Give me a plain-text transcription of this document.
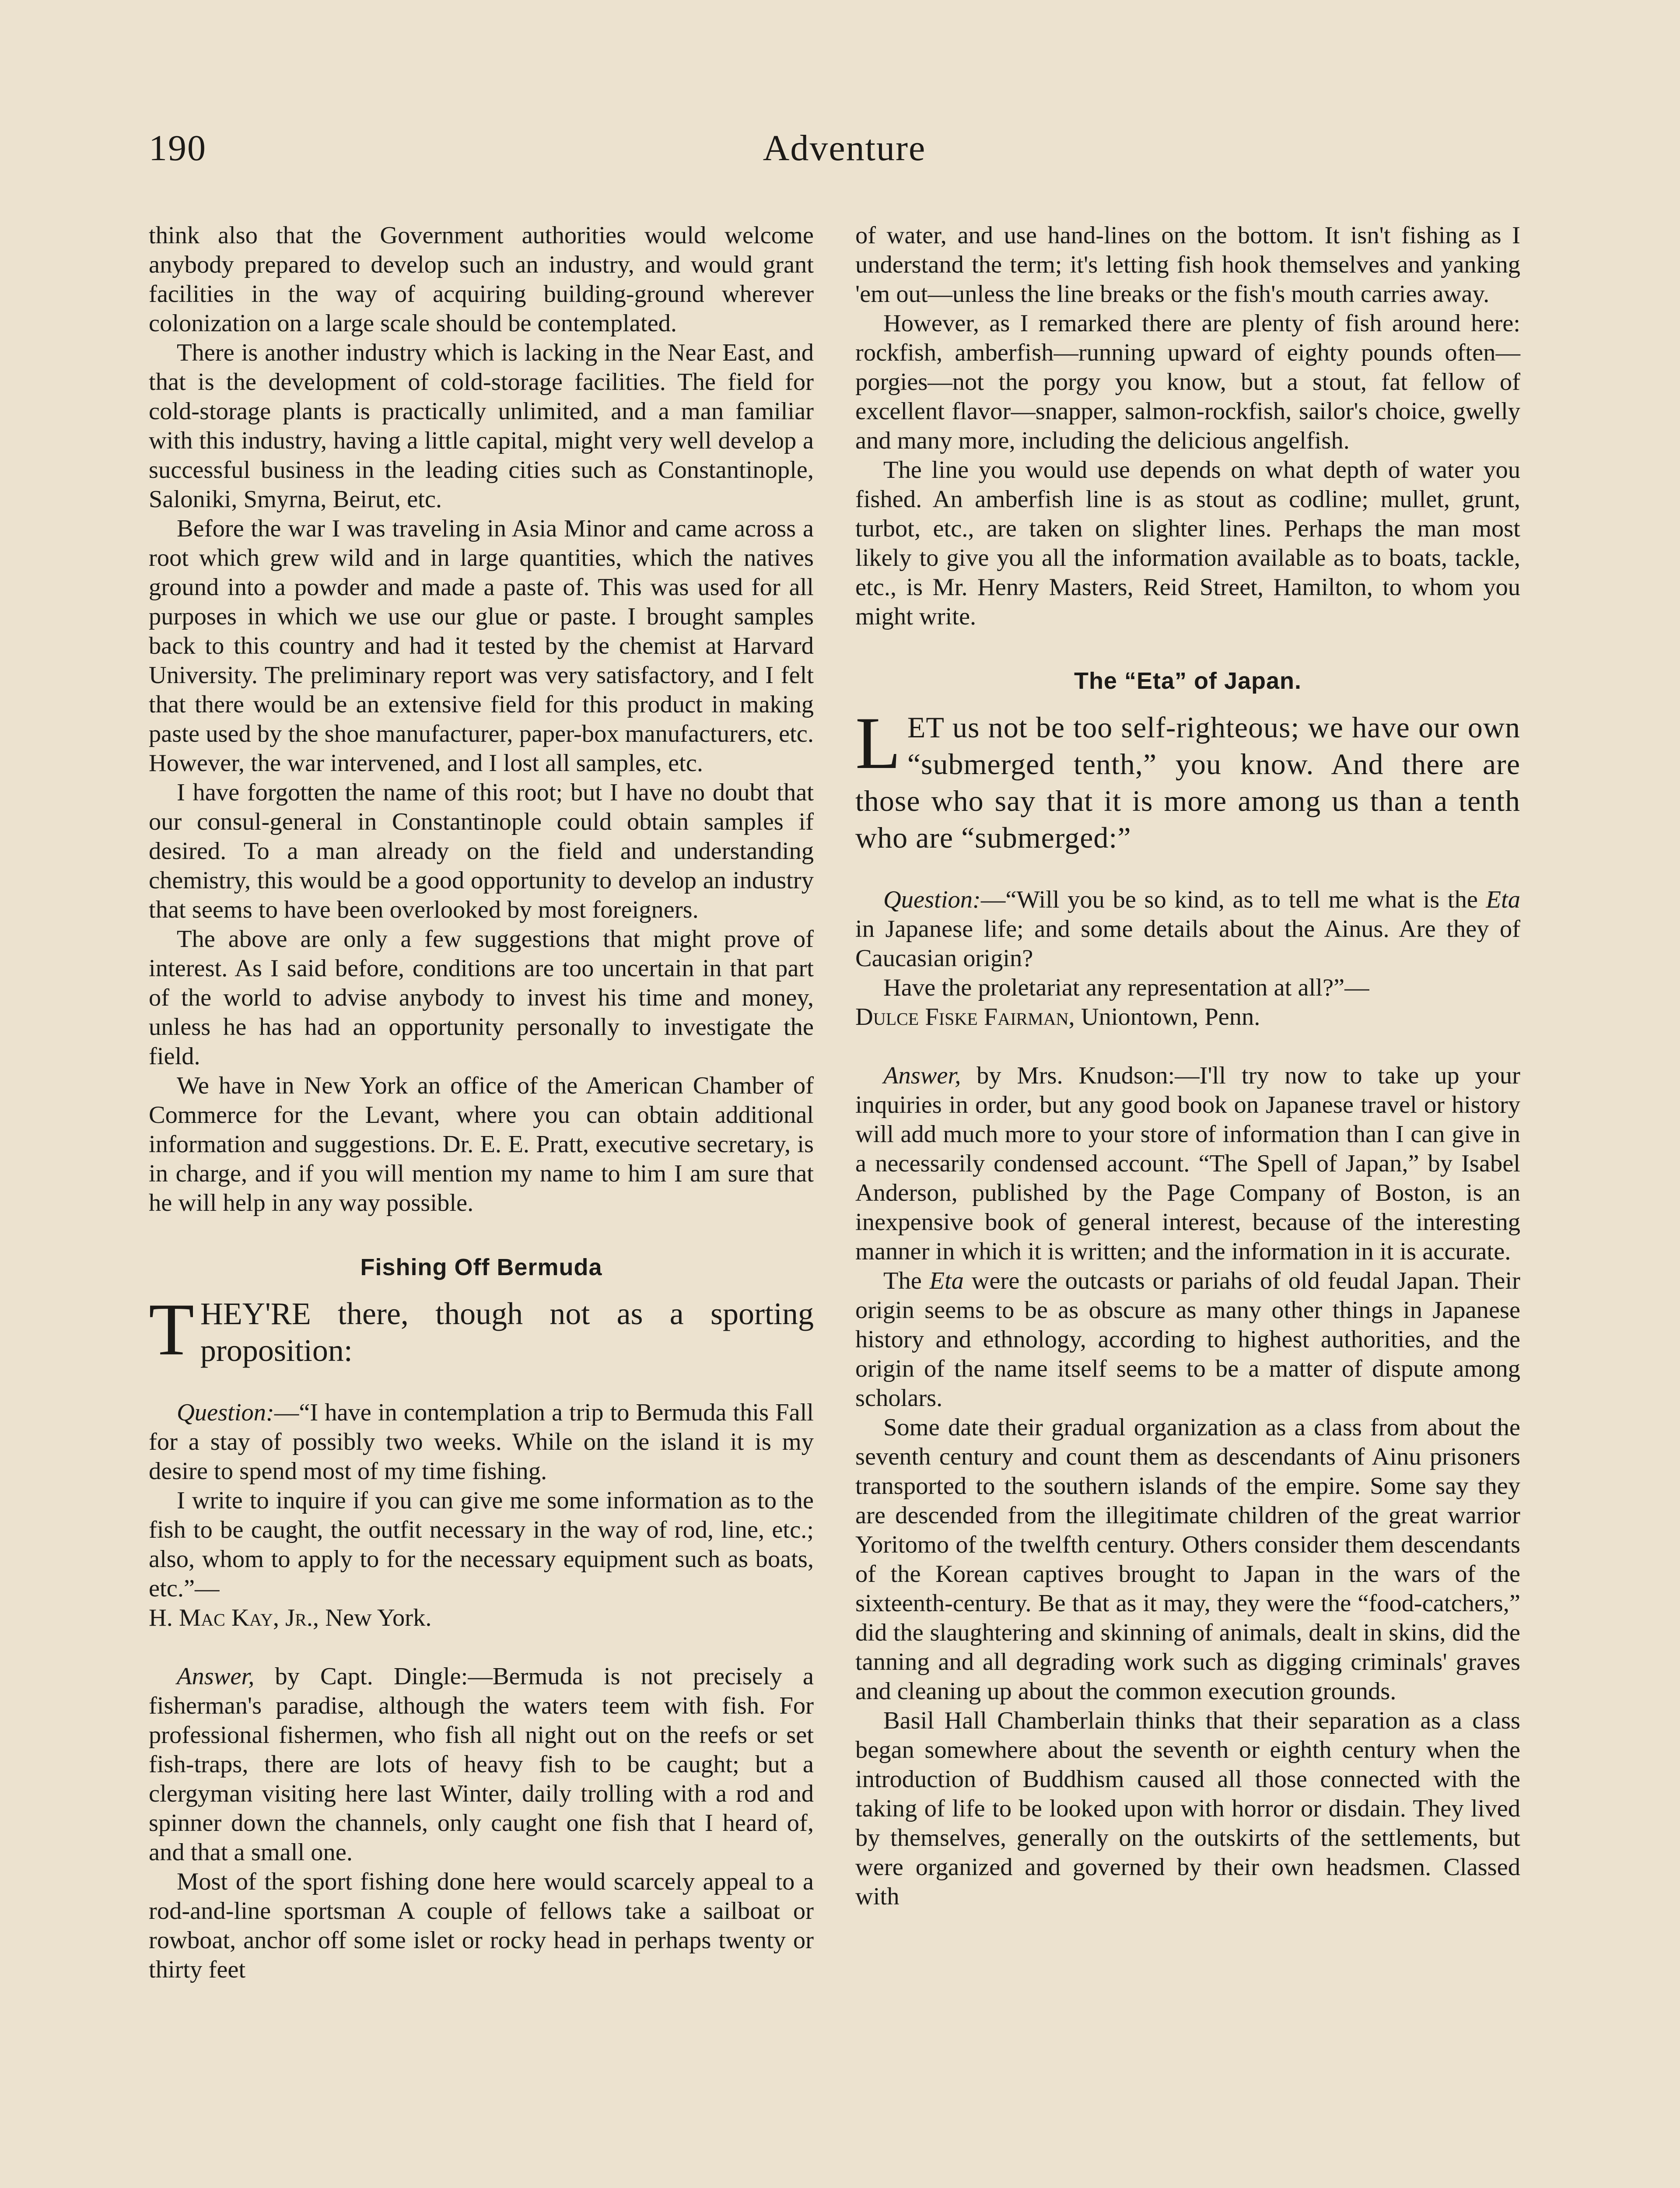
190	Adventure

think also that the Government authorities would welcome anybody prepared to develop such an industry, and would grant facilities in the way of acquiring building-ground wherever colonization on a large scale should be contemplated.

There is another industry which is lacking in the Near East, and that is the development of cold-storage facilities. The field for cold-storage plants is practically unlimited, and a man familiar with this industry, having a little capital, might very well develop a successful business in the leading cities such as Constantinople, Saloniki, Smyrna, Beirut, etc.

Before the war I was traveling in Asia Minor and came across a root which grew wild and in large quantities, which the natives ground into a powder and made a paste of. This was used for all purposes in which we use our glue or paste. I brought samples back to this country and had it tested by the chemist at Harvard University. The preliminary report was very satisfactory, and I felt that there would be an extensive field for this product in making paste used by the shoe manufacturer, paper-box manufacturers, etc. However, the war intervened, and I lost all samples, etc.

I have forgotten the name of this root; but I have no doubt that our consul-general in Constantinople could obtain samples if desired. To a man already on the field and understanding chemistry, this would be a good opportunity to develop an industry that seems to have been overlooked by most foreigners.

The above are only a few suggestions that might prove of interest. As I said before, conditions are too uncertain in that part of the world to advise anybody to invest his time and money, unless he has had an opportunity personally to investigate the field.

We have in New York an office of the American Chamber of Commerce for the Levant, where you can obtain additional information and suggestions. Dr. E. E. Pratt, executive secretary, is in charge, and if you will mention my name to him I am sure that he will help in any way possible.

Fishing Off Bermuda

THEY'RE there, though not as a sporting proposition:

Question:—“I have in contemplation a trip to Bermuda this Fall for a stay of possibly two weeks. While on the island it is my desire to spend most of my time fishing.

I write to inquire if you can give me some information as to the fish to be caught, the outfit necessary in the way of rod, line, etc.; also, whom to apply to for the necessary equipment such as boats, etc.”—
H. Mac Kay, Jr., New York.

Answer, by Capt. Dingle:—Bermuda is not precisely a fisherman's paradise, although the waters teem with fish. For professional fishermen, who fish all night out on the reefs or set fish-traps, there are lots of heavy fish to be caught; but a clergyman visiting here last Winter, daily trolling with a rod and spinner down the channels, only caught one fish that I heard of, and that a small one.

Most of the sport fishing done here would scarcely appeal to a rod-and-line sportsman A couple of fellows take a sailboat or rowboat, anchor off some islet or rocky head in perhaps twenty or thirty feet

of water, and use hand-lines on the bottom. It isn't fishing as I understand the term; it's letting fish hook themselves and yanking 'em out—unless the line breaks or the fish's mouth carries away.

However, as I remarked there are plenty of fish around here: rockfish, amberfish—running upward of eighty pounds often—porgies—not the porgy you know, but a stout, fat fellow of excellent flavor—snapper, salmon-rockfish, sailor's choice, gwelly and many more, including the delicious angelfish.

The line you would use depends on what depth of water you fished. An amberfish line is as stout as codline; mullet, grunt, turbot, etc., are taken on slighter lines. Perhaps the man most likely to give you all the information available as to boats, tackle, etc., is Mr. Henry Masters, Reid Street, Hamilton, to whom you might write.

The “Eta” of Japan.

LET us not be too self-righteous; we have our own “submerged tenth,” you know. And there are those who say that it is more among us than a tenth who are “submerged:”

Question:—“Will you be so kind, as to tell me what is the Eta in Japanese life; and some details about the Ainus. Are they of Caucasian origin?

Have the proletariat any representation at all?”—
Dulce Fiske Fairman, Uniontown, Penn.

Answer, by Mrs. Knudson:—I'll try now to take up your inquiries in order, but any good book on Japanese travel or history will add much more to your store of information than I can give in a necessarily condensed account. “The Spell of Japan,” by Isabel Anderson, published by the Page Company of Boston, is an inexpensive book of general interest, because of the interesting manner in which it is written; and the information in it is accurate.

The Eta were the outcasts or pariahs of old feudal Japan. Their origin seems to be as obscure as many other things in Japanese history and ethnology, according to highest authorities, and the origin of the name itself seems to be a matter of dispute among scholars.

Some date their gradual organization as a class from about the seventh century and count them as descendants of Ainu prisoners transported to the southern islands of the empire. Some say they are descended from the illegitimate children of the great warrior Yoritomo of the twelfth century. Others consider them descendants of the Korean captives brought to Japan in the wars of the sixteenth-century. Be that as it may, they were the “food-catchers,” did the slaughtering and skinning of animals, dealt in skins, did the tanning and all degrading work such as digging criminals' graves and cleaning up about the common execution grounds.

Basil Hall Chamberlain thinks that their separation as a class began somewhere about the seventh or eighth century when the introduction of Buddhism caused all those connected with the taking of life to be looked upon with horror or disdain. They lived by themselves, generally on the outskirts of the settlements, but were organized and governed by their own headsmen. Classed with
